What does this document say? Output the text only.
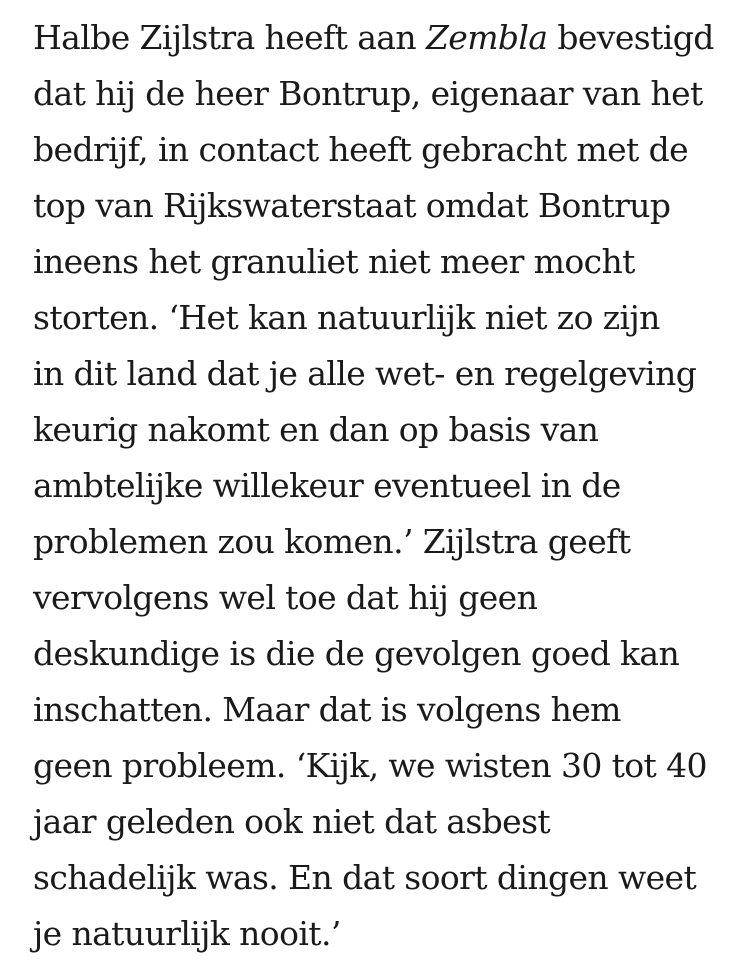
Halbe Zijlstra heeft aan Zembla bevestigd
dat hij de heer Bontrup, eigenaar van het
bedrijf, in contact heeft gebracht met de
top van Rijkswaterstaat omdat Bontrup
ineens het granuliet niet meer mocht
storten. ‘Het kan natuurlijk niet zo zijn
in dit land dat je alle wet- en regelgeving
keurig nakomt en dan op basis van
ambtelijke willekeur eventueel in de
problemen zou komen.’ Zijlstra geeft
vervolgens wel toe dat hij geen
deskundige is die de gevolgen goed kan
inschatten. Maar dat is volgens hem
geen probleem. ‘Kijk, we wisten 30 tot 40
jaar geleden ook niet dat asbest
schadelijk was. En dat soort dingen weet
je natuurlijk nooit.’
